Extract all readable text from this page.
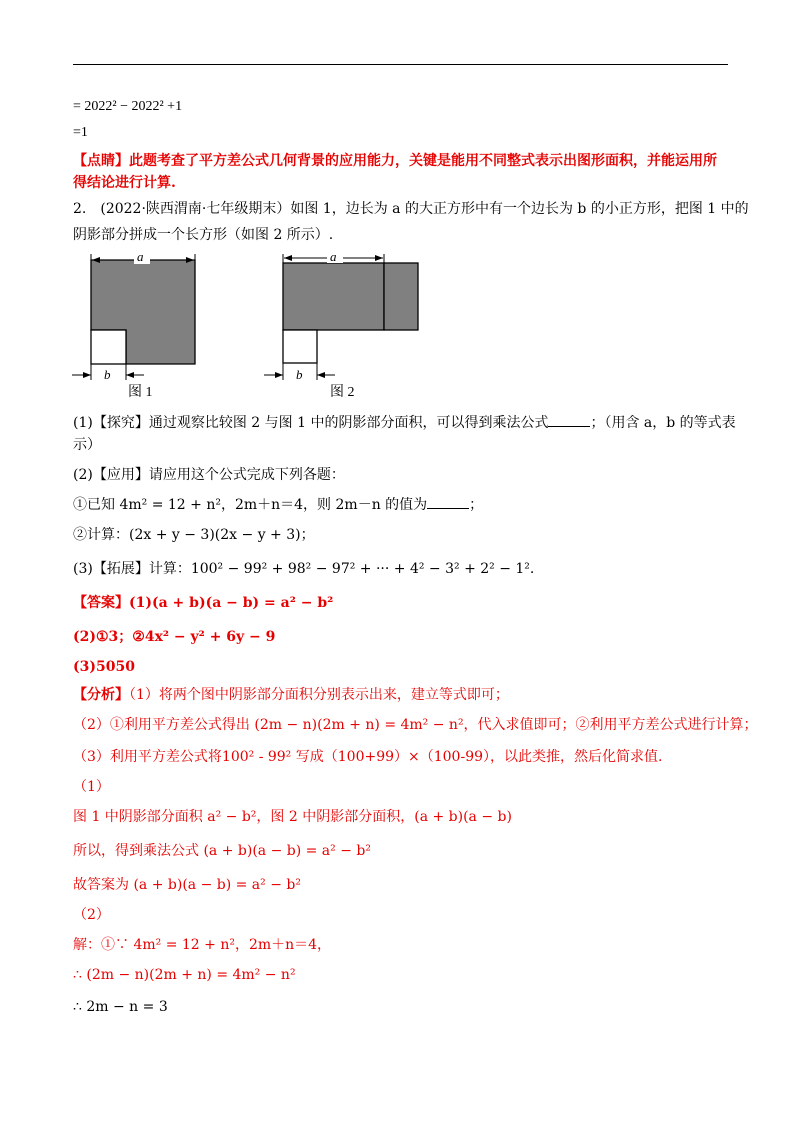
= 2022² − 2022² +1
=1
【点睛】此题考查了平方差公式几何背景的应用能力，关键是能用不同整式表示出图形面积，并能运用所
得结论进行计算.
2.　(2022·陕西渭南·七年级期末）如图 1，边长为 a 的大正方形中有一个边长为 b 的小正方形，把图 1 中的
阴影部分拼成一个长方形（如图 2 所示）.
a
b
图 1
a
b
图 2
(1)【探究】通过观察比较图 2 与图 1 中的阴影部分面积，可以得到乘法公式	；（用含 a，b 的等式表
示）
(2)【应用】请应用这个公式完成下列各题：
①已知 4m² = 12 + n²，2m＋n＝4，则 2m－n 的值为	；
②计算：(2x + y − 3)(2x − y + 3)；
(3)【拓展】计算：100² − 99² + 98² − 97² + ··· + 4² − 3² + 2² − 1².
【答案】(1)(a + b)(a − b) = a² − b²
(2)①3；②4x² − y² + 6y − 9
(3)5050
【分析】（1）将两个图中阴影部分面积分别表示出来，建立等式即可；
（2）①利用平方差公式得出 (2m − n)(2m + n) = 4m² − n²，代入求值即可；②利用平方差公式进行计算；
（3）利用平方差公式将100² - 99² 写成（100+99）×（100-99），以此类推，然后化简求值.
（1）
图 1 中阴影部分面积 a² − b²，图 2 中阴影部分面积，(a + b)(a − b)
所以，得到乘法公式 (a + b)(a − b) = a² − b²
故答案为 (a + b)(a − b) = a² − b²
（2）
解：①∵ 4m² = 12 + n²，2m＋n＝4，
∴ (2m − n)(2m + n) = 4m² − n²
∴ 2m − n = 3
